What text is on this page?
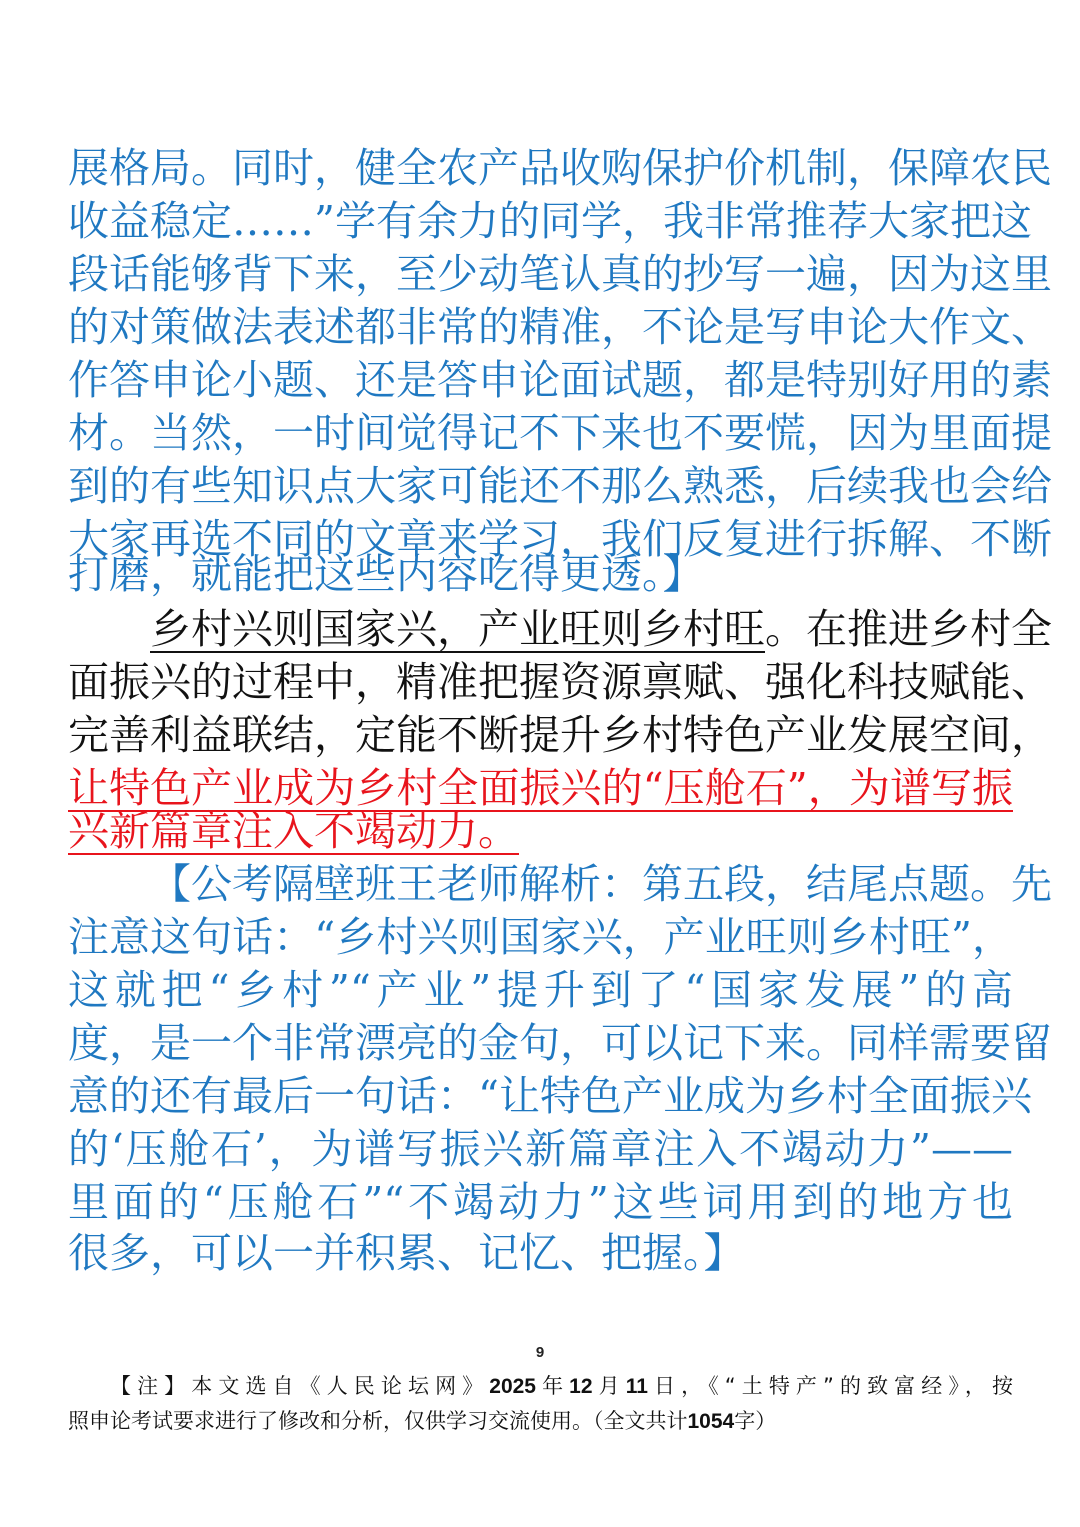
展格局。同时，健全农产品收购保护价机制，保障农民
收益稳定……”学有余力的同学，我非常推荐大家把这
段话能够背下来，至少动笔认真的抄写一遍，因为这里
的对策做法表述都非常的精准，不论是写申论大作文、
作答申论小题、还是答申论面试题，都是特别好用的素
材。当然，一时间觉得记不下来也不要慌，因为里面提
到的有些知识点大家可能还不那么熟悉，后续我也会给
大家再选不同的文章来学习，我们反复进行拆解、不断
打磨，就能把这些内容吃得更透。】
乡村兴则国家兴，产业旺则乡村旺。在推进乡村全
面振兴的过程中，精准把握资源禀赋、强化科技赋能、
完善利益联结，定能不断提升乡村特色产业发展空间，
让特色产业成为乡村全面振兴的“压舱石”，为谱写振
兴新篇章注入不竭动力。
【公考隔壁班王老师解析：第五段，结尾点题。先
注意这句话：“乡村兴则国家兴，产业旺则乡村旺”，
这就把“乡村”“产业”提升到了“国家发展”的高
度，是一个非常漂亮的金句，可以记下来。同样需要留
意的还有最后一句话：“让特色产业成为乡村全面振兴
的‘压舱石’，为谱写振兴新篇章注入不竭动力”——
里面的“压舱石”“不竭动力”这些词用到的地方也
很多，可以一并积累、记忆、把握。】
9
【注】本文选自《人民论坛网》2025年12月11日，《“土特产”的致富经》，按
照申论考试要求进行了修改和分析，仅供学习交流使用。（全文共计1054字）
